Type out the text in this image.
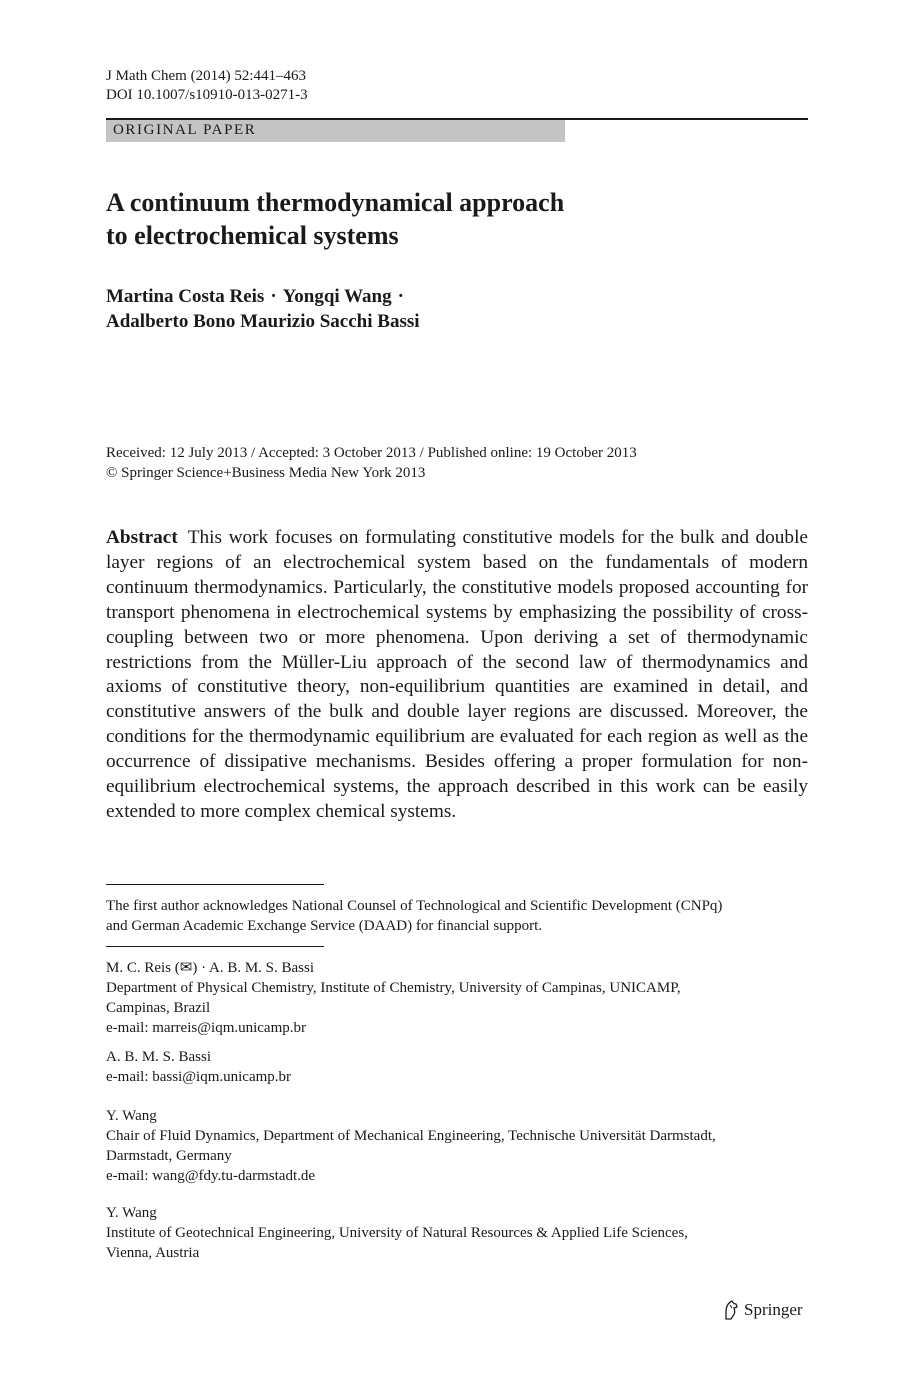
J Math Chem (2014) 52:441–463
DOI 10.1007/s10910-013-0271-3
ORIGINAL PAPER
A continuum thermodynamical approach
to electrochemical systems
Martina Costa Reis · Yongqi Wang ·
Adalberto Bono Maurizio Sacchi Bassi
Received: 12 July 2013 / Accepted: 3 October 2013 / Published online: 19 October 2013
© Springer Science+Business Media New York 2013

Abstract This work focuses on formulating constitutive models for the bulk and double layer regions of an electrochemical system based on the fundamentals of modern continuum thermodynamics. Particularly, the constitutive models proposed accounting for transport phenomena in electrochemical systems by emphasizing the possibility of cross-coupling between two or more phenomena. Upon deriving a set of thermodynamic restrictions from the Müller-Liu approach of the second law of thermodynamics and axioms of constitutive theory, non-equilibrium quantities are examined in detail, and constitutive answers of the bulk and double layer regions are discussed. Moreover, the conditions for the thermodynamic equilibrium are evaluated for each region as well as the occurrence of dissipative mechanisms. Besides offering a proper formulation for non-equilibrium electrochemical systems, the approach described in this work can be easily extended to more complex chemical systems.

The first author acknowledges National Counsel of Technological and Scientific Development (CNPq)
and German Academic Exchange Service (DAAD) for financial support.
M. C. Reis (✉) · A. B. M. S. Bassi
Department of Physical Chemistry, Institute of Chemistry, University of Campinas, UNICAMP,
Campinas, Brazil
e-mail: marreis@iqm.unicamp.br
A. B. M. S. Bassi
e-mail: bassi@iqm.unicamp.br
Y. Wang
Chair of Fluid Dynamics, Department of Mechanical Engineering, Technische Universität Darmstadt,
Darmstadt, Germany
e-mail: wang@fdy.tu-darmstadt.de
Y. Wang
Institute of Geotechnical Engineering, University of Natural Resources & Applied Life Sciences,
Vienna, Austria
Springer
